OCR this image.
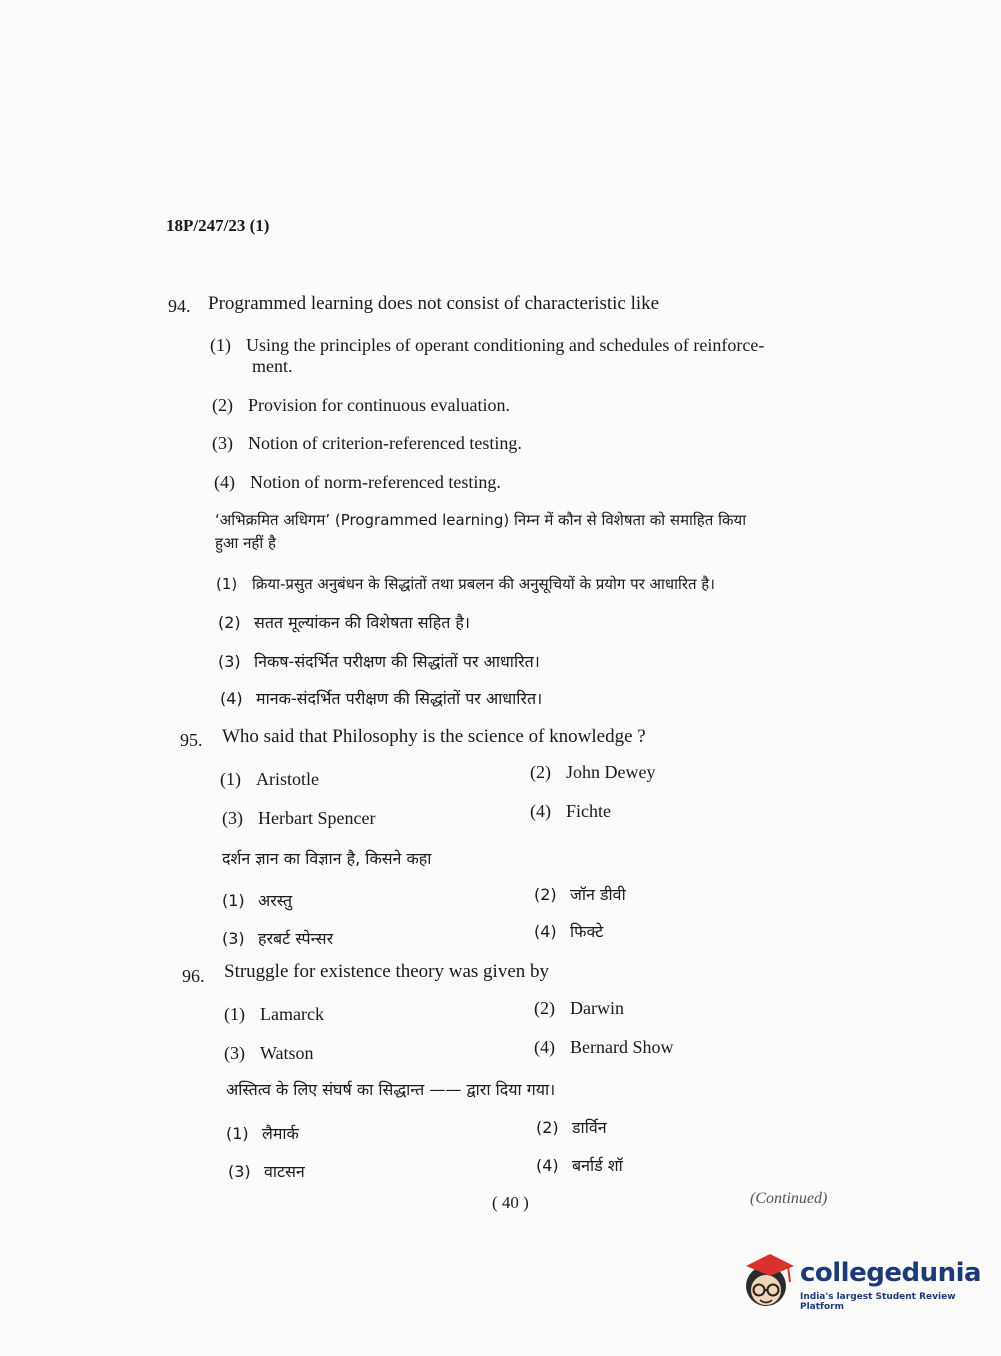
18P/247/23 (1)
94. Programmed learning does not consist of characteristic like
(1) Using the principles of operant conditioning and schedules of reinforce-
ment.
(2) Provision for continuous evaluation.
(3) Notion of criterion-referenced testing.
(4) Notion of norm-referenced testing.
‘अभिक्रमित अधिगम’ (Programmed learning) निम्न में कौन से विशेषता को समाहित किया
हुआ नहीं है
(1) क्रिया-प्रसुत अनुबंधन के सिद्धांतों तथा प्रबलन की अनुसूचियों के प्रयोग पर आधारित है।
(2) सतत मूल्यांकन की विशेषता सहित है।
(3) निकष-संदर्भित परीक्षण की सिद्धांतों पर आधारित।
(4) मानक-संदर्भित परीक्षण की सिद्धांतों पर आधारित।
95. Who said that Philosophy is the science of knowledge ?
(1) Aristotle	(2) John Dewey
(3) Herbart Spencer	(4) Fichte
दर्शन ज्ञान का विज्ञान है, किसने कहा
(1) अरस्तु	(2) जॉन डीवी
(3) हरबर्ट स्पेन्सर	(4) फिक्टे
96. Struggle for existence theory was given by
(1) Lamarck	(2) Darwin
(3) Watson	(4) Bernard Show
अस्तित्व के लिए संघर्ष का सिद्धान्त —— द्वारा दिया गया।
(1) लैमार्क	(2) डार्विन
(3) वाटसन	(4) बर्नार्ड शॉ
( 40 )	(Continued)
collegedunia
India's largest Student Review Platform
